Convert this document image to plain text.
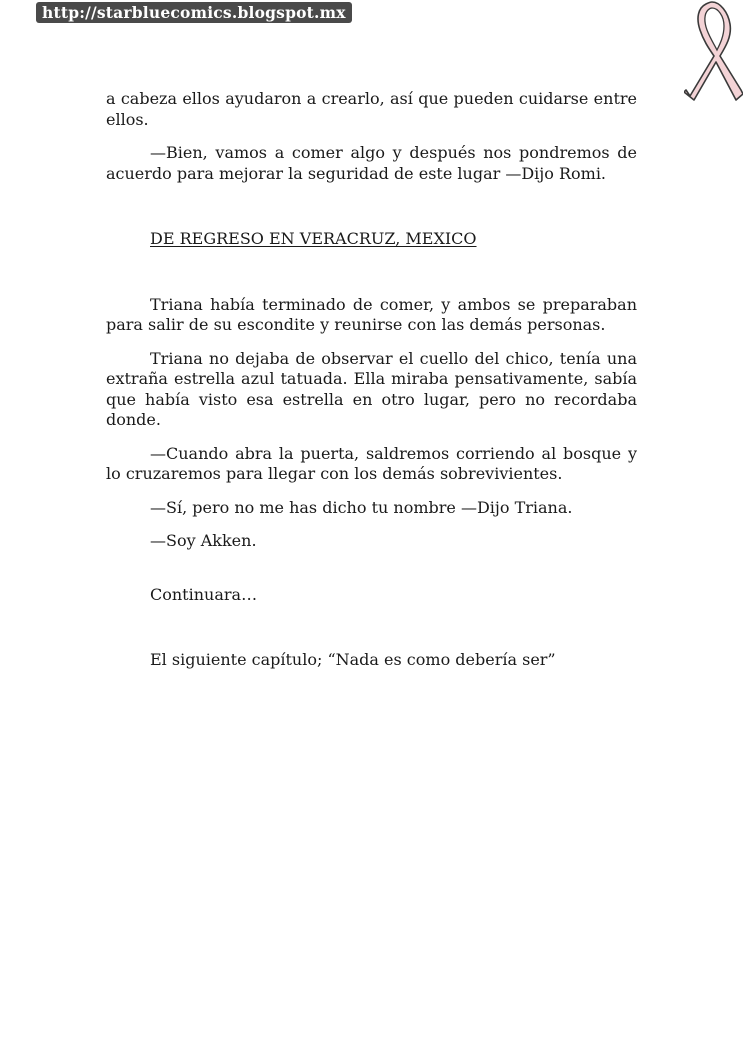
http://starbluecomics.blogspot.mx

a cabeza ellos ayudaron a crearlo, así que pueden cuidarse entre ellos.

—Bien, vamos a comer algo y después nos pondremos de acuerdo para mejorar la seguridad de este lugar —Dijo Romi.

DE REGRESO EN VERACRUZ, MEXICO

Triana había terminado de comer, y ambos se preparaban para salir de su escondite y reunirse con las demás personas.

Triana no dejaba de observar el cuello del chico, tenía una extraña estrella azul tatuada. Ella miraba pensativamente, sabía que había visto esa estrella en otro lugar, pero no recordaba donde.

—Cuando abra la puerta, saldremos corriendo al bosque y lo cruzaremos para llegar con los demás sobrevivientes.

—Sí, pero no me has dicho tu nombre —Dijo Triana.

—Soy Akken.

Continuara…

El siguiente capítulo; “Nada es como debería ser”
